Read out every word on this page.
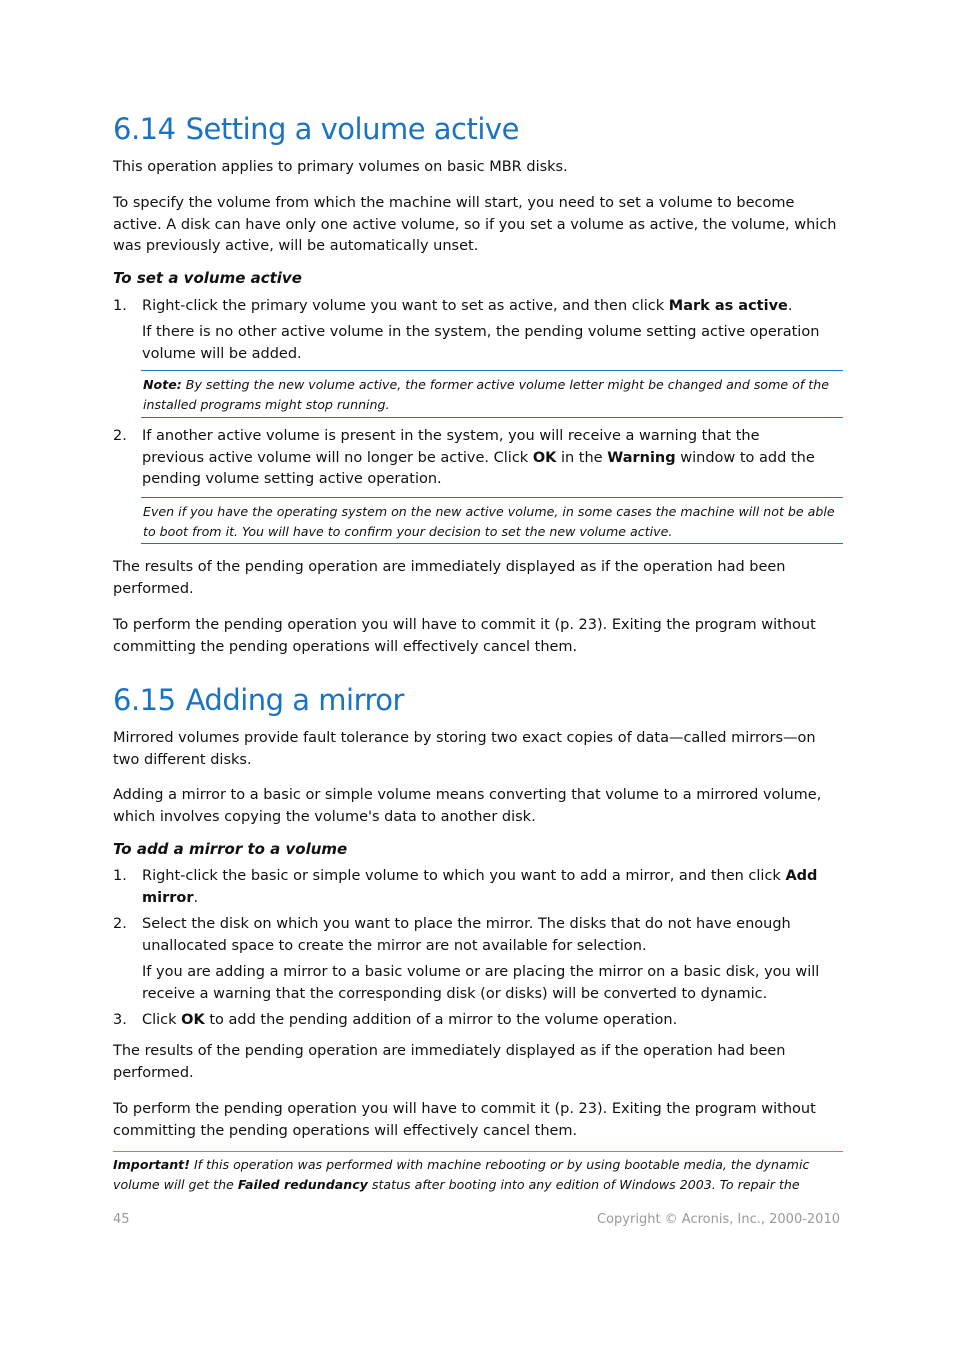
6.14 Setting a volume active

This operation applies to primary volumes on basic MBR disks.

To specify the volume from which the machine will start, you need to set a volume to become active. A disk can have only one active volume, so if you set a volume as active, the volume, which was previously active, will be automatically unset.

To set a volume active

1.	Right-click the primary volume you want to set as active, and then click Mark as active.
If there is no other active volume in the system, the pending volume setting active operation volume will be added.
Note: By setting the new volume active, the former active volume letter might be changed and some of the installed programs might stop running.
2.	If another active volume is present in the system, you will receive a warning that the previous active volume will no longer be active. Click OK in the Warning window to add the pending volume setting active operation.
Even if you have the operating system on the new active volume, in some cases the machine will not be able to boot from it. You will have to confirm your decision to set the new volume active.

The results of the pending operation are immediately displayed as if the operation had been performed.

To perform the pending operation you will have to commit it (p. 23). Exiting the program without committing the pending operations will effectively cancel them.

6.15 Adding a mirror

Mirrored volumes provide fault tolerance by storing two exact copies of data—called mirrors—on two different disks.

Adding a mirror to a basic or simple volume means converting that volume to a mirrored volume, which involves copying the volume's data to another disk.

To add a mirror to a volume

1.	Right-click the basic or simple volume to which you want to add a mirror, and then click Add mirror.
2.	Select the disk on which you want to place the mirror. The disks that do not have enough unallocated space to create the mirror are not available for selection.
If you are adding a mirror to a basic volume or are placing the mirror on a basic disk, you will receive a warning that the corresponding disk (or disks) will be converted to dynamic.
3.	Click OK to add the pending addition of a mirror to the volume operation.

The results of the pending operation are immediately displayed as if the operation had been performed.

To perform the pending operation you will have to commit it (p. 23). Exiting the program without committing the pending operations will effectively cancel them.

Important! If this operation was performed with machine rebooting or by using bootable media, the dynamic volume will get the Failed redundancy status after booting into any edition of Windows 2003. To repair the
45	Copyright © Acronis, Inc., 2000-2010
